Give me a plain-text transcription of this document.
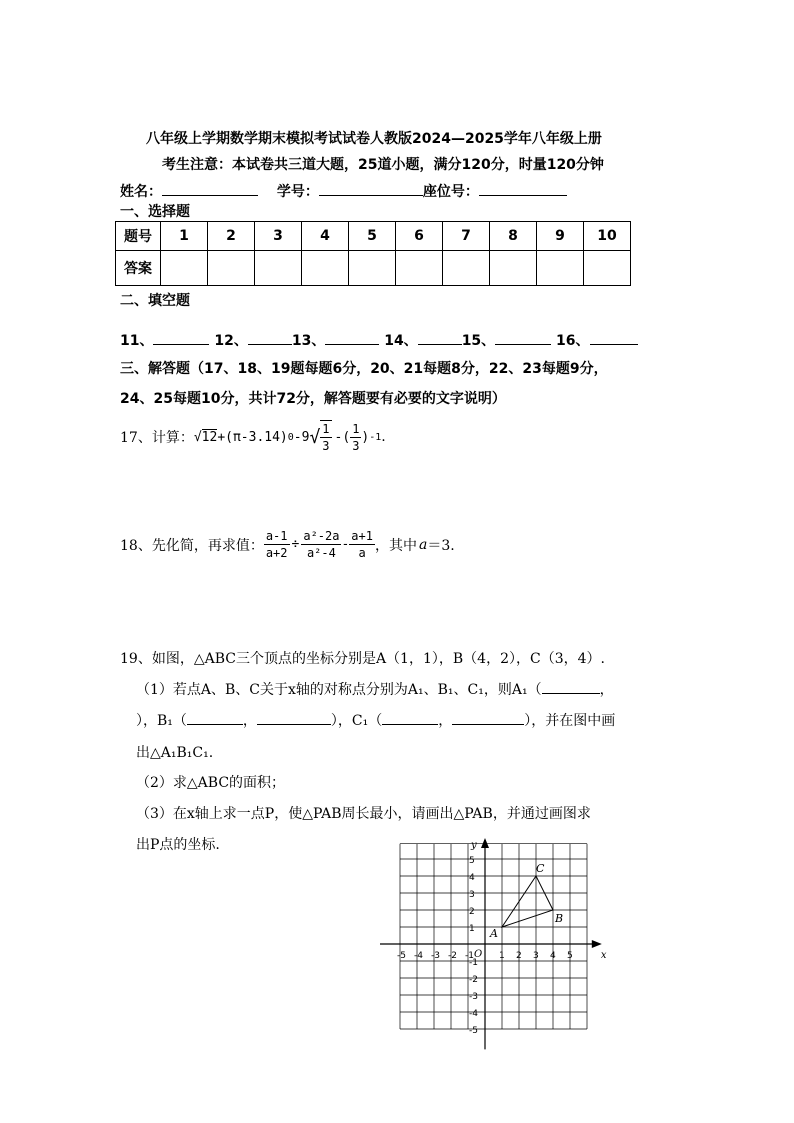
八年级上学期数学期末模拟考试试卷人教版2024—2025学年八年级上册
考生注意：本试卷共三道大题，25道小题，满分120分，时量120分钟
姓名：	学号：	座位号：
一、选择题
题号	1	2	3	4	5	6	7	8	9	10
答案										
二、填空题
11、	12、	13、	14、	15、	16、
三、解答题（17、18、19题每题6分，20、21每题8分，22、23每题9分，
24、25每题10分，共计72分，解答题要有必要的文字说明）
17、计算： √ 12 + (π-3.14) 0 -9 √ $\frac{1}{3}$ - ( $\frac{1}{3}$ ) -1 .
18、先化简，再求值： $\frac{a-1}{a+2} \div \frac{\text{a²-2a}}{\text{a²-4}} - \frac{a+1}{a}$ ，其中 a ＝3.
19、如图，△ABC三个顶点的坐标分别是A（1，1），B（4，2），C（3，4）.
（1）若点A、B、C关于x轴的对称点分别为A₁、B₁、C₁，则A₁（	，
），B₁（	，	），C₁（	，	），并在图中画
出△A₁B₁C₁.
（2）求△ABC的面积；
（3）在x轴上求一点P，使△PAB周长最小，请画出△PAB，并通过画图求
出P点的坐标.
x
y
O
-5 -4 -3 -2 -1	1 2 3 4 5
5
4
3
2
1
-1
-2
-3
-4
-5
A
B
C
